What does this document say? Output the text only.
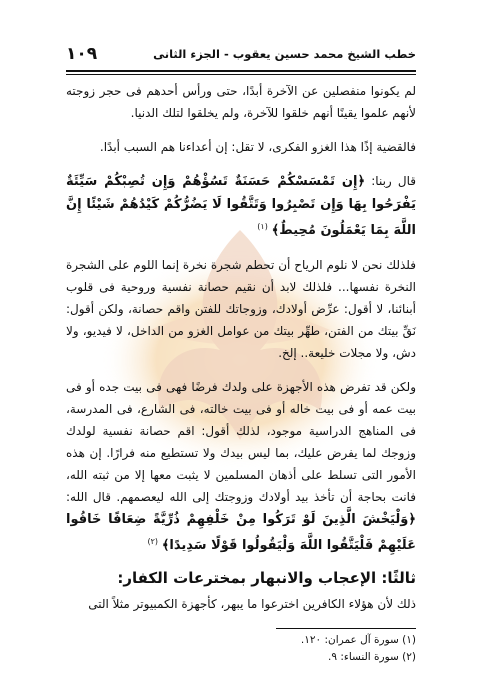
١٠٩	خطب الشيخ محمد حسين يعقوب - الجزء الثانى

لم يكونوا منفصلين عن الآخرة أبدًا، حتى ورأس أحدهم فى حجر زوجته لأنهم علموا يقينًا أنهم خلقوا للآخرة، ولم يخلقوا لتلك الدنيا.

فالقضية إذًا هذا الغزو الفكرى، لا تقل: إن أعداءنا هم السبب أبدًا.

قال ربنا: ﴿إِن تَمْسَسْكُمْ حَسَنَةٌ تَسُؤْهُمْ وَإِن تُصِبْكُمْ سَيِّئَةٌ يَفْرَحُوا بِهَا وَإِن تَصْبِرُوا وَتَتَّقُوا لَا يَضُرُّكُمْ كَيْدُهُمْ شَيْئًا إِنَّ اللَّهَ بِمَا يَعْمَلُونَ مُحِيطٌ﴾ $^{(١)}$

فلذلك نحن لا نلوم الرياح أن تحطم شجرة نخرة إنما اللوم على الشجرة النخرة نفسها... فلذلك لابد أن نقيم حصانة نفسية وروحية فى قلوب أبنائنا، لا أقول: عرِّض أولادك، وزوجاتك للفتن واقم حصانة، ولكن أقول: نَقِّ بيتك من الفتن، طهِّر بيتك من عوامل الغزو من الداخل، لا فيديو، ولا دش، ولا مجلات خليعة.. إلخ.

ولكن قد تفرض هذه الأجهزة على ولدك فرضًا فهى فى بيت جده أو فى بيت عمه أو فى بيت خاله أو فى بيت خالته، فى الشارع، فى المدرسة، فى المناهج الدراسية موجود، لذلك أقول: اقم حصانة نفسية لولدك وزوجك لما يفرض عليك، بما ليس بيدك ولا تستطيع منه فرارًا. إن هذه الأمور التى تسلط على أذهان المسلمين لا يثبت معها إلا من ثبته الله، فانت بحاجة أن تأخذ بيد أولادك وزوجتك إلى الله ليعصمهم. قال الله: ﴿وَلْيَخْشَ الَّذِينَ لَوْ تَرَكُوا مِنْ خَلْفِهِمْ ذُرِّيَّةً ضِعَافًا خَافُوا عَلَيْهِمْ فَلْيَتَّقُوا اللَّهَ وَلْيَقُولُوا قَوْلًا سَدِيدًا﴾ $^{(٢)}$

ثالثًا: الإعجاب والانبهار بمخترعات الكفار:

ذلك لأن هؤلاء الكافرين اخترعوا ما يبهر، كأجهزة الكمبيوتر مثلاً التى

(١) سورة آل عمران: ١٢٠.

(٢) سورة النساء: ٩.
